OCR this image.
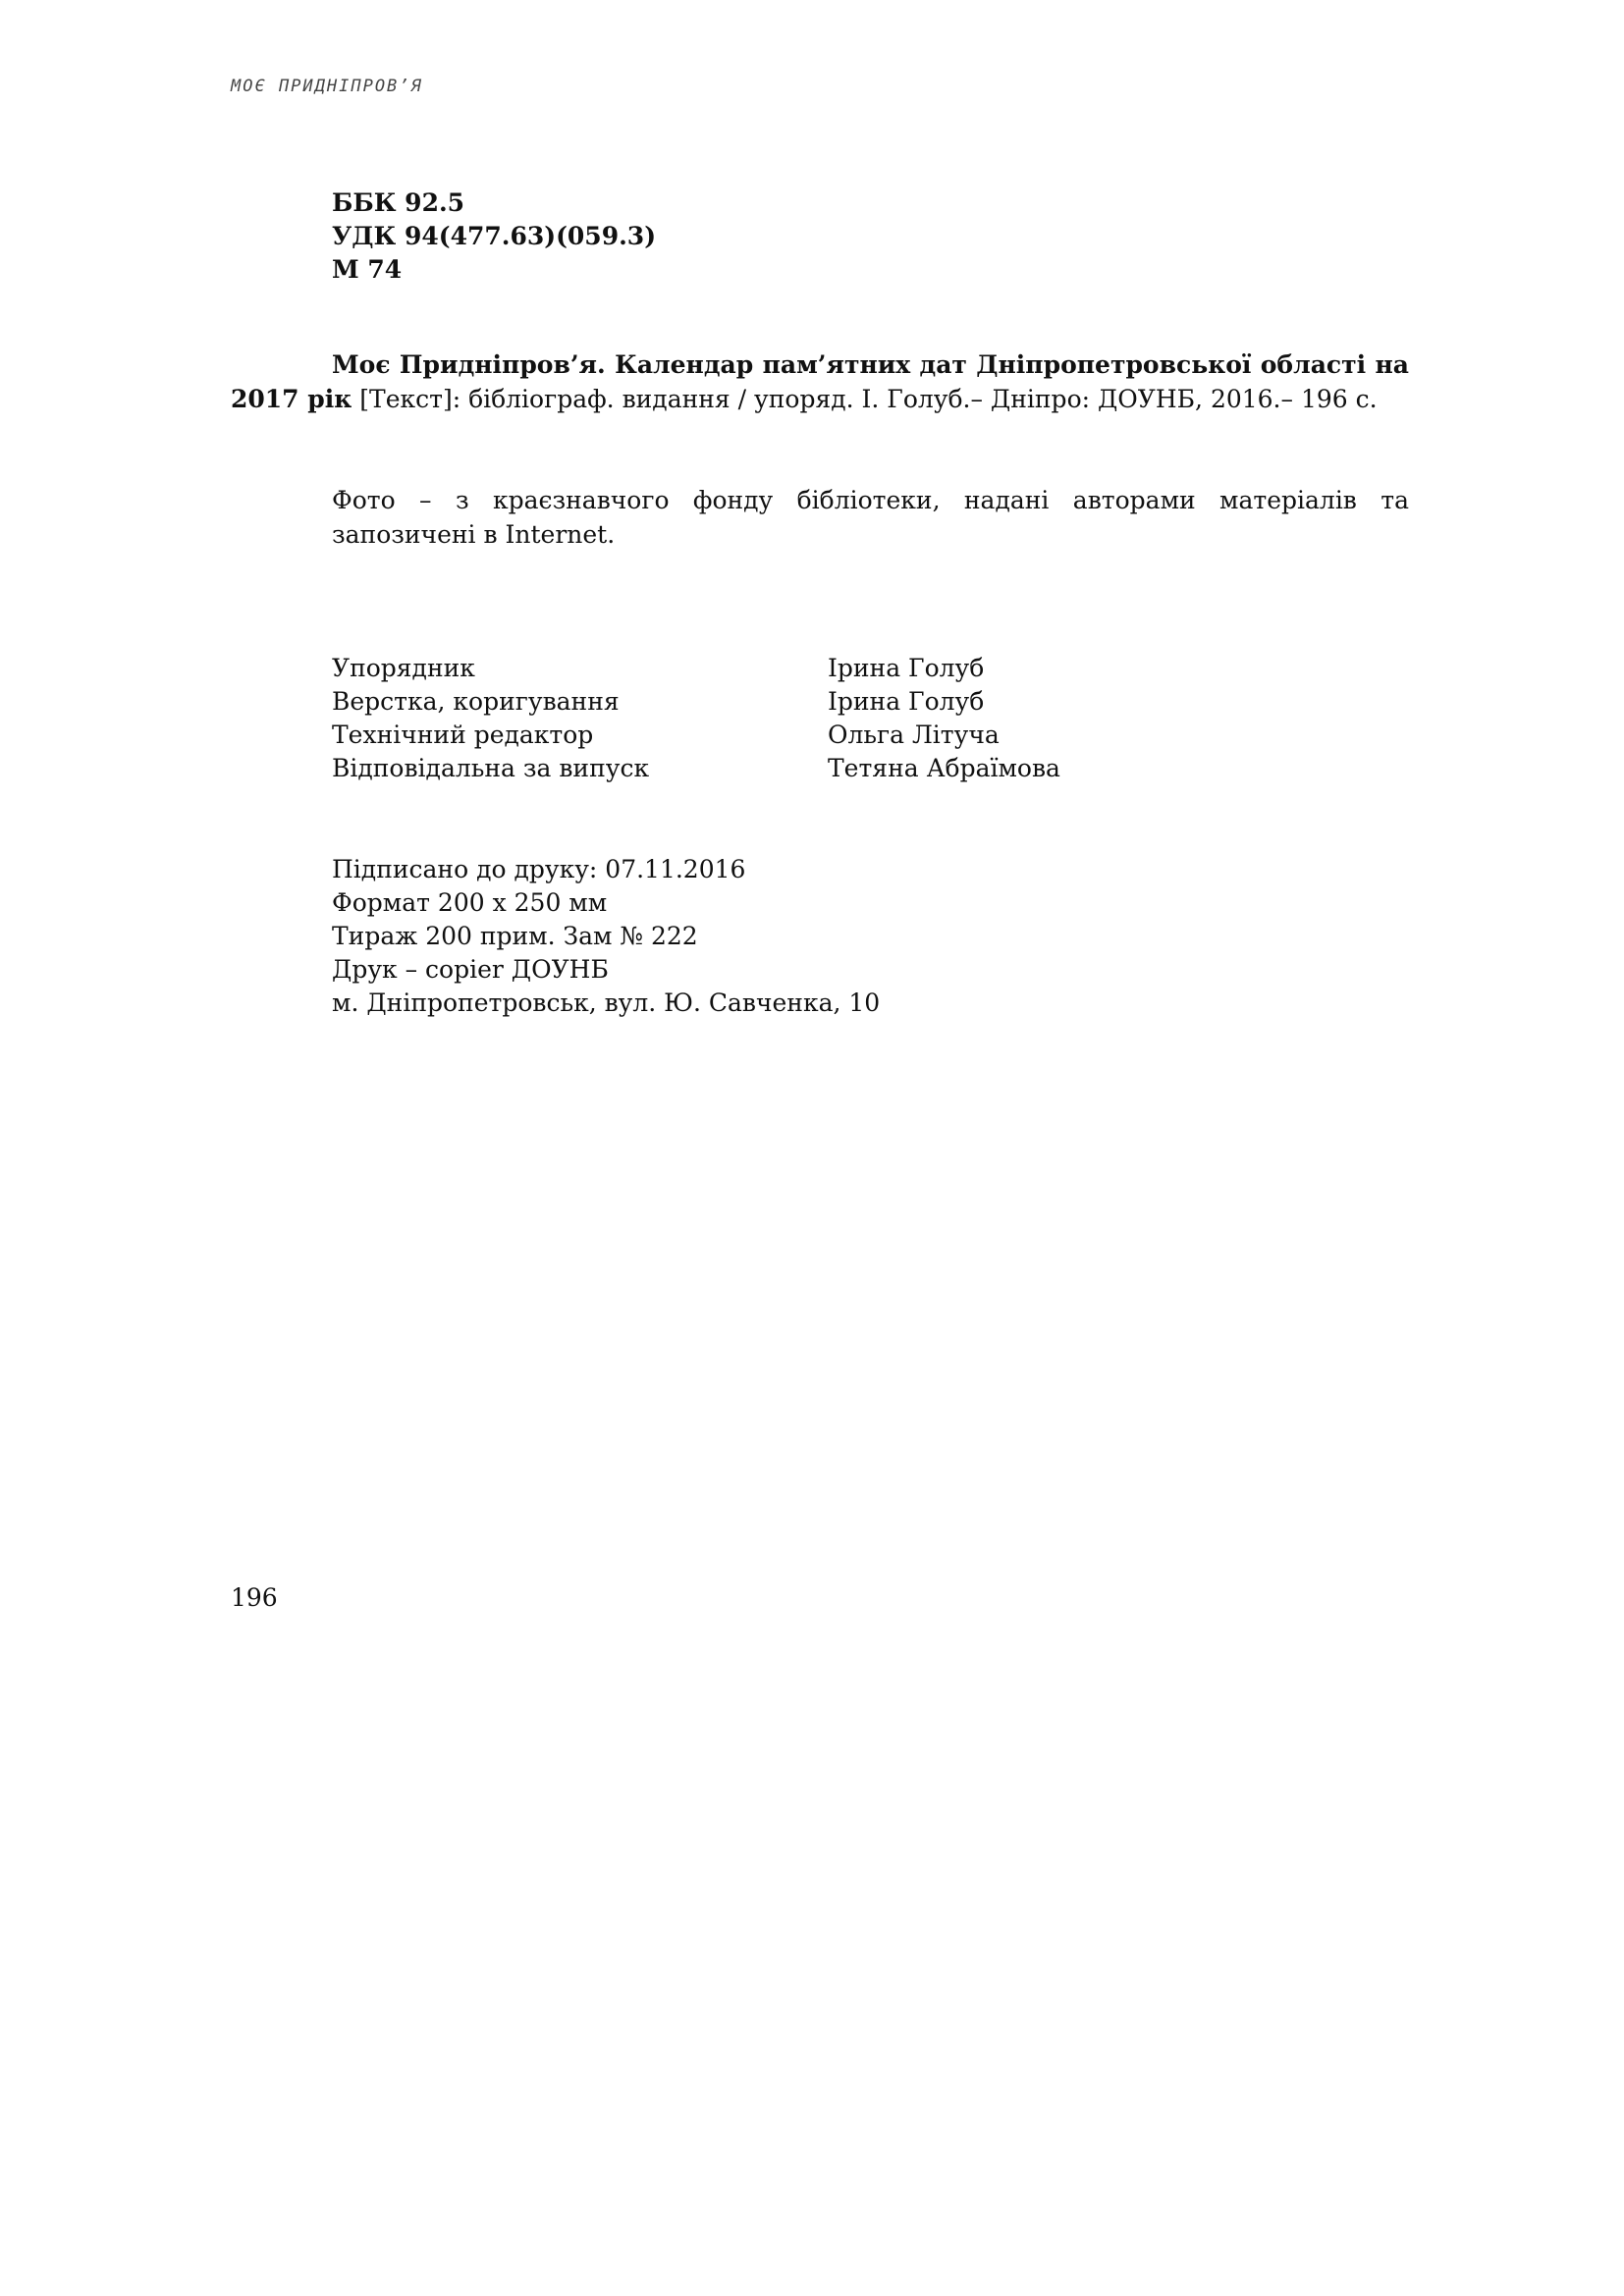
МОЄ ПРИДНІПРОВ’Я
ББК 92.5
УДК 94(477.63)(059.3)
М 74
Моє Придніпров’я. Календар пам’ятних дат Дніпропетровської області на 2017 рік [Текст]: бібліограф. видання / упоряд. І. Голуб.– Дніпро: ДОУНБ, 2016.– 196 с.
Фото – з краєзнавчого фонду бібліотеки, надані авторами матеріалів та запозичені в Internet.
Упорядник	Ірина Голуб
Верстка, коригування	Ірина Голуб
Технічний редактор	Ольга Літуча
Відповідальна за випуск	Тетяна Абраїмова
Підписано до друку: 07.11.2016
Формат 200 х 250 мм
Тираж 200 прим. Зам № 222
Друк – copier ДОУНБ
м. Дніпропетровськ, вул. Ю. Савченка, 10
196
